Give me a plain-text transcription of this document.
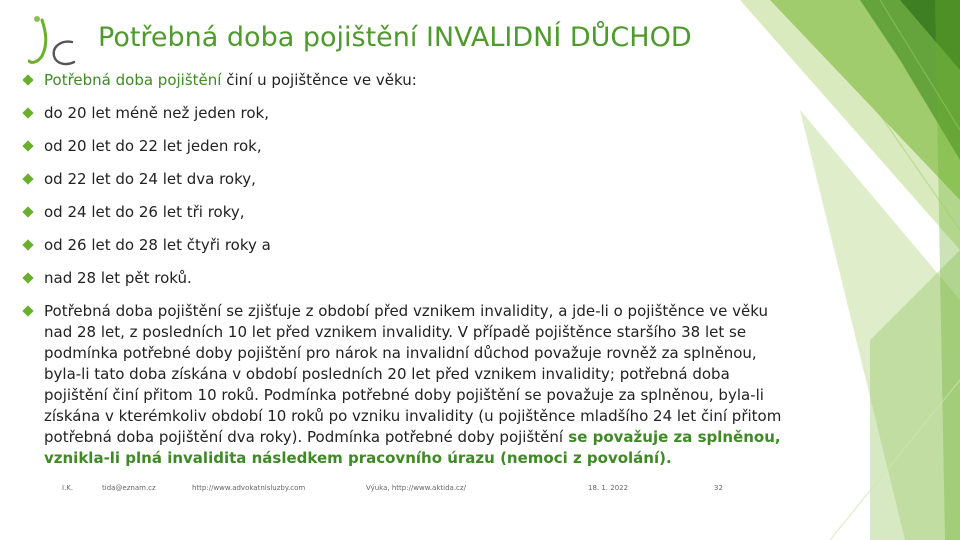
Potřebná doba pojištění INVALIDNÍ DŮCHOD
Potřebná doba pojištění činí u pojištěnce ve věku:
do 20 let méně než jeden rok,
od 20 let do 22 let jeden rok,
od 22 let do 24 let dva roky,
od 24 let do 26 let tři roky,
od 26 let do 28 let čtyři roky a
nad 28 let pět roků.
Potřebná doba pojištění se zjišťuje z období před vznikem invalidity, a jde-li o pojištěnce ve věku nad 28 let, z posledních 10 let před vznikem invalidity. V případě pojištěnce staršího 38 let se podmínka potřebné doby pojištění pro nárok na invalidní důchod považuje rovněž za splněnou, byla-li tato doba získána v období posledních 20 let před vznikem invalidity; potřebná doba pojištění činí přitom 10 roků. Podmínka potřebné doby pojištění se považuje za splněnou, byla-li získána v kterémkoliv období 10 roků po vzniku invalidity (u pojištěnce mladšího 24 let činí přitom potřebná doba pojištění dva roky). Podmínka potřebné doby pojištění se považuje za splněnou, vznikla-li plná invalidita následkem pracovního úrazu (nemoci z povolání).
I.K.	tida@eznam.cz	http://www.advokatnisluzby.com	Výuka, http://www.aktida.cz/	18. 1. 2022	32
